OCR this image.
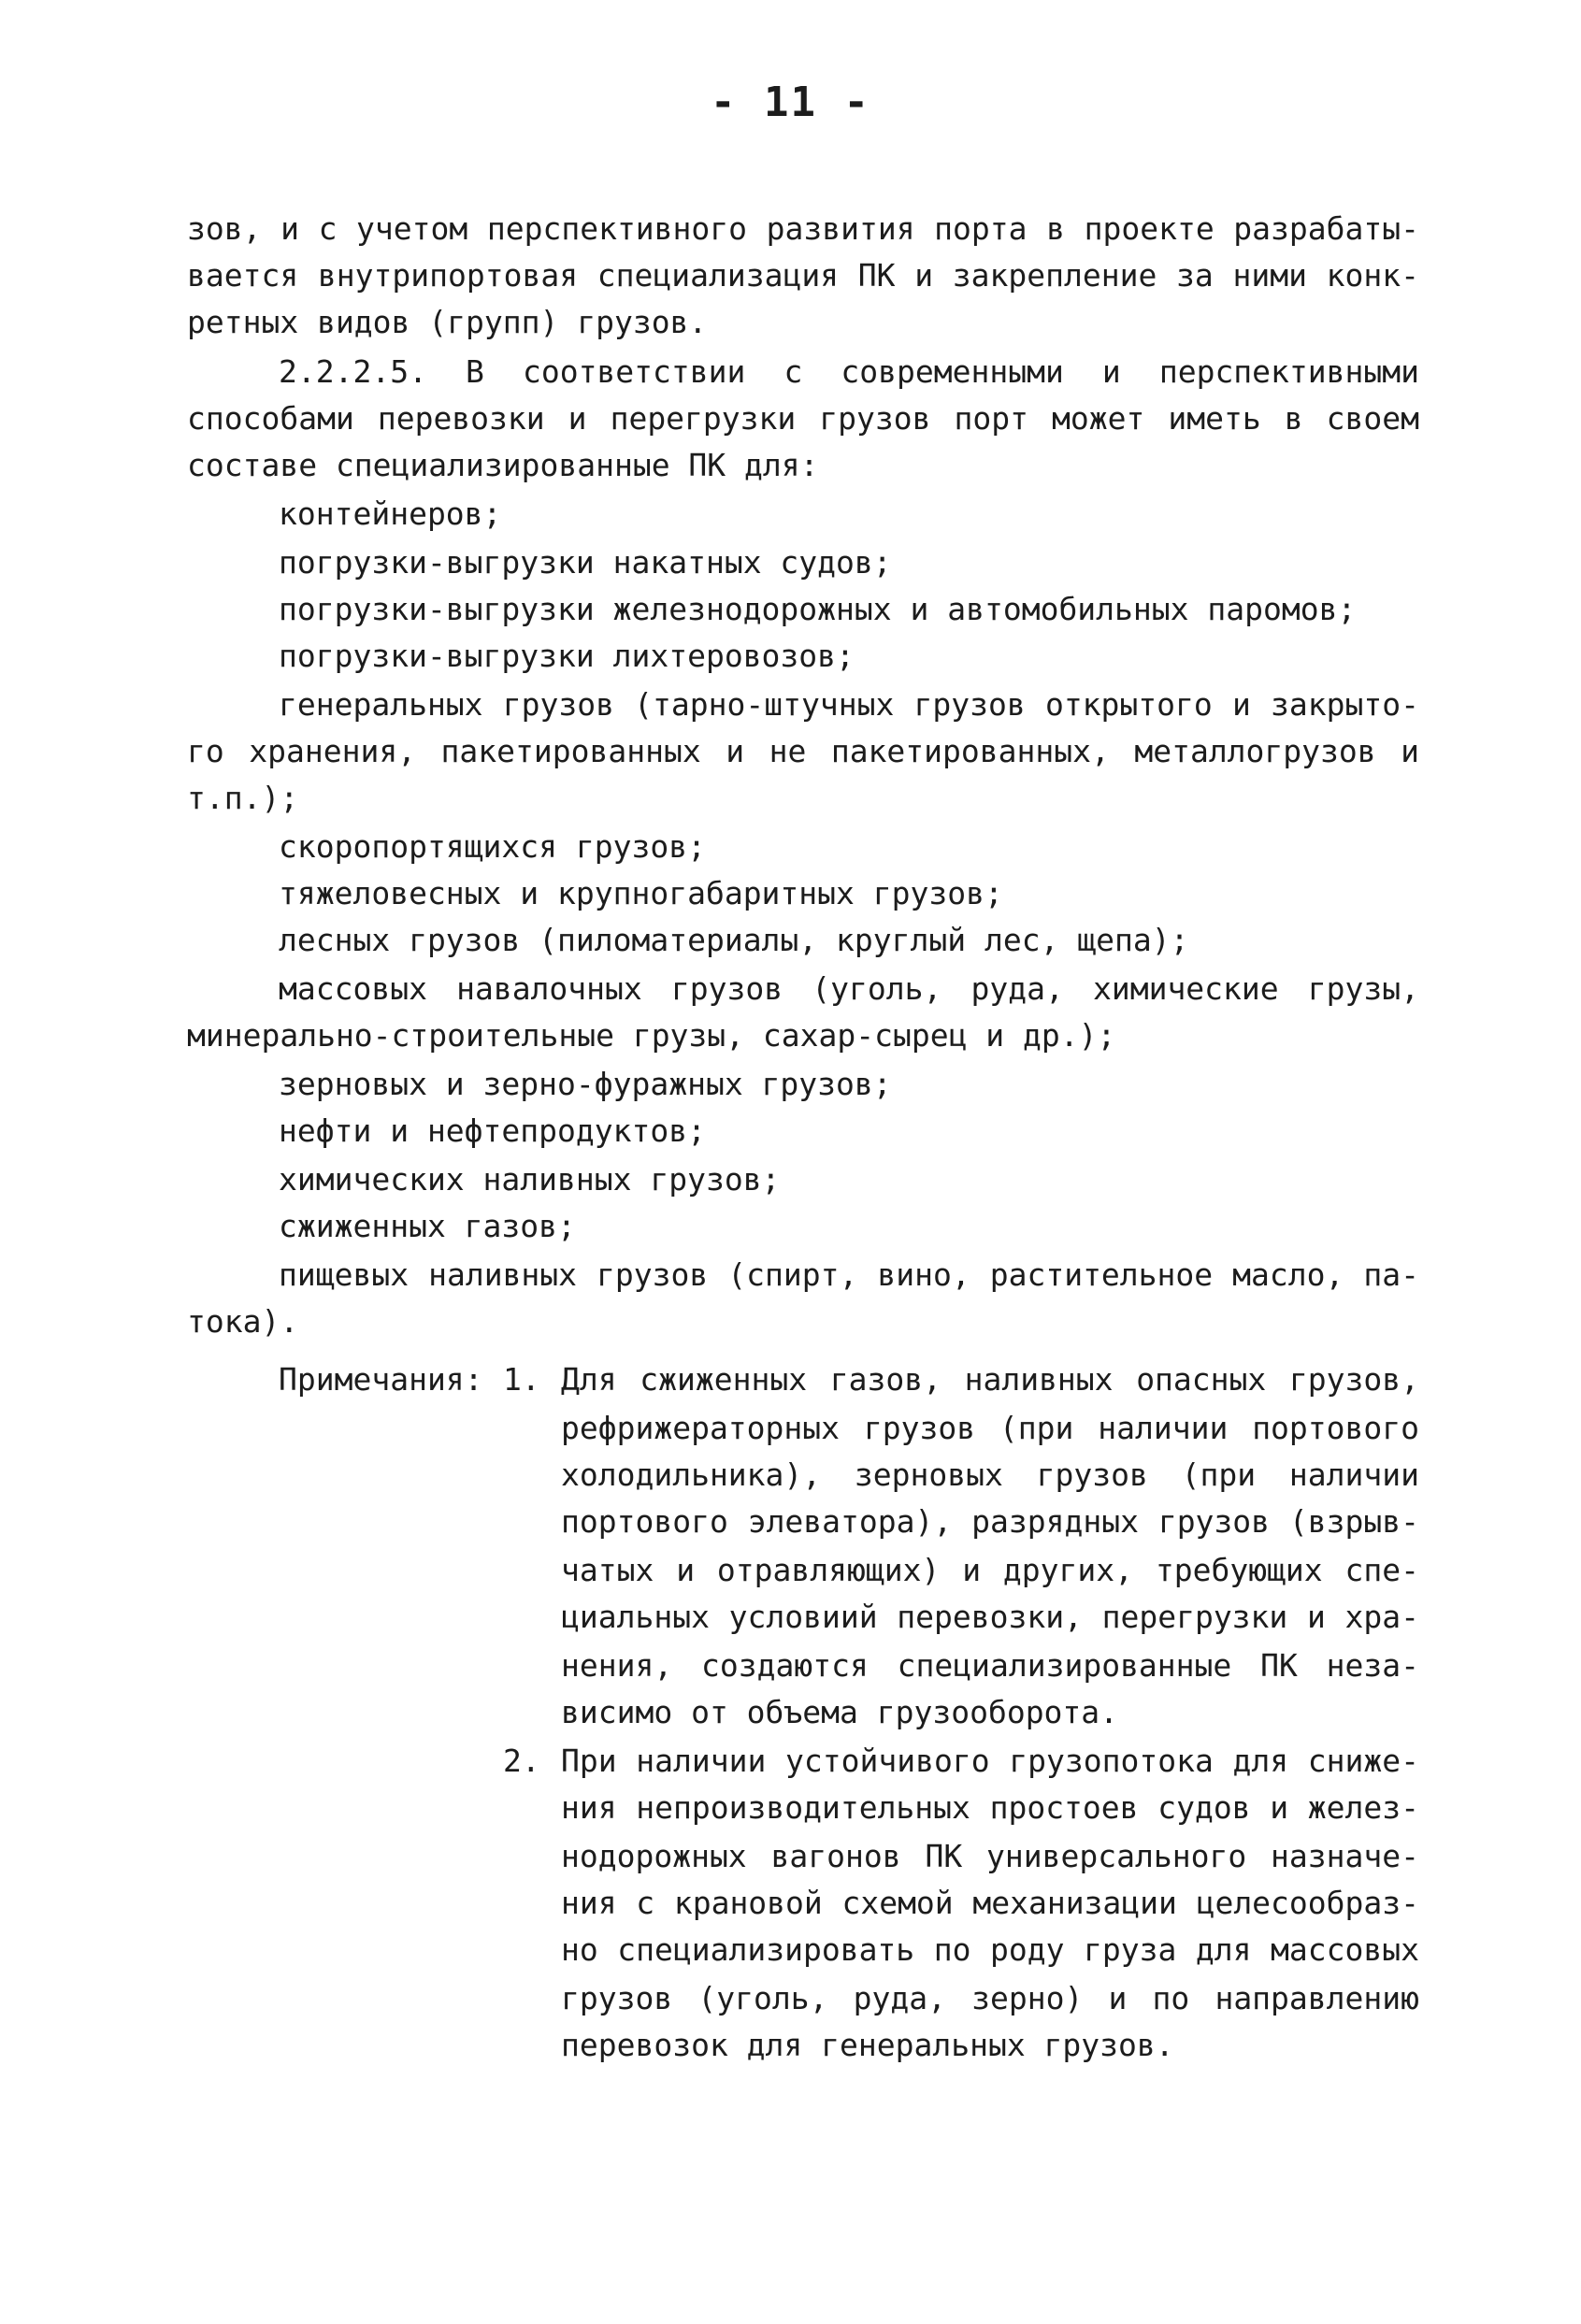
- 11 -
зов, и с учетом перспективного развития порта в проекте разрабаты-
вается внутрипортовая специализация ПК и закрепление за ними конк-
ретных видов (групп) грузов.
2.2.2.5. В соответствии с современными и перспективными
способами перевозки и перегрузки грузов порт может иметь в своем
составе специализированные ПК для:
контейнеров;
погрузки-выгрузки накатных судов;
погрузки-выгрузки железнодорожных и автомобильных паромов;
погрузки-выгрузки лихтеровозов;
генеральных грузов (тарно-штучных грузов открытого и закрыто-
го хранения, пакетированных и не пакетированных, металлогрузов и
т.п.);
скоропортящихся грузов;
тяжеловесных и крупногабаритных грузов;
лесных грузов (пиломатериалы, круглый лес, щепа);
массовых навалочных грузов (уголь, руда, химические грузы,
минерально-строительные грузы, сахар-сырец и др.);
зерновых и зерно-фуражных грузов;
нефти и нефтепродуктов;
химических наливных грузов;
сжиженных газов;
пищевых наливных грузов (спирт, вино, растительное масло, па-
тока).
Примечания: 1. Для сжиженных газов, наливных опасных грузов,
рефрижераторных грузов (при наличии портового
холодильника), зерновых грузов (при наличии
портового элеватора), разрядных грузов (взрыв-
чатых и отравляющих) и других, требующих спе-
циальных условиий перевозки, перегрузки и хра-
нения, создаются специализированные ПК неза-
висимо от объема грузооборота.
2. При наличии устойчивого грузопотока для сниже-
ния непроизводительных простоев судов и желез-
нодорожных вагонов ПК универсального назначе-
ния с крановой схемой механизации целесообраз-
но специализировать по роду груза для массовых
грузов (уголь, руда, зерно) и по направлению
перевозок для генеральных грузов.
